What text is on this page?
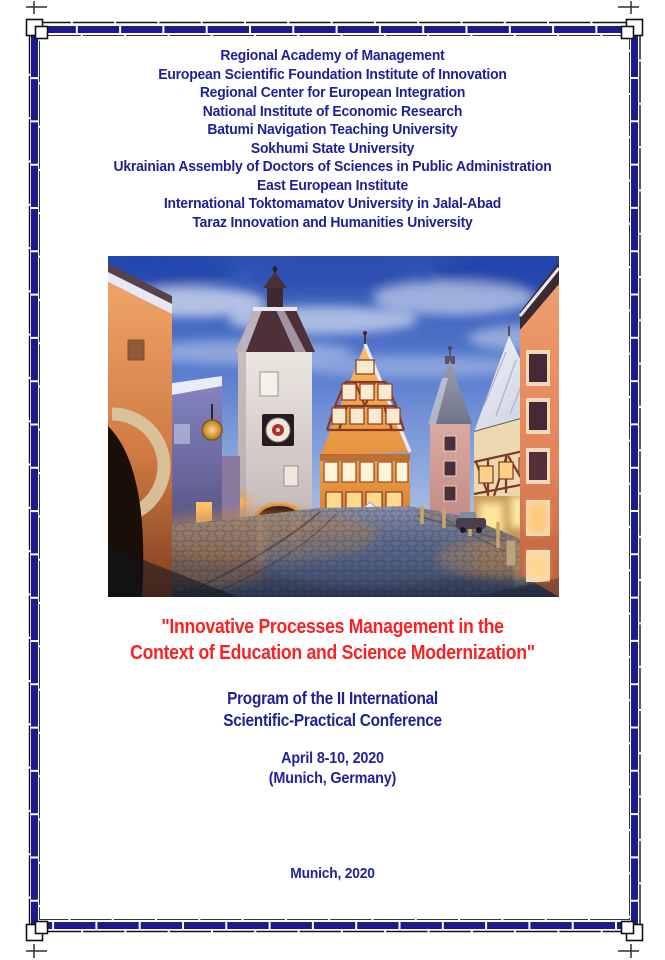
Regional Academy of Management
European Scientific Foundation Institute of Innovation
Regional Center for European Integration
National Institute of Economic Research
Batumi Navigation Teaching University
Sokhumi State University
Ukrainian Assembly of Doctors of Sciences in Public Administration
East European Institute
International Toktomamatov University in Jalal-Abad
Taraz Innovation and Humanities University
"Innovative Processes Management in the
Context of Education and Science Modernization"
Program of the II International
Scientific-Practical Conference
April 8-10, 2020
(Munich, Germany)
Munich, 2020
